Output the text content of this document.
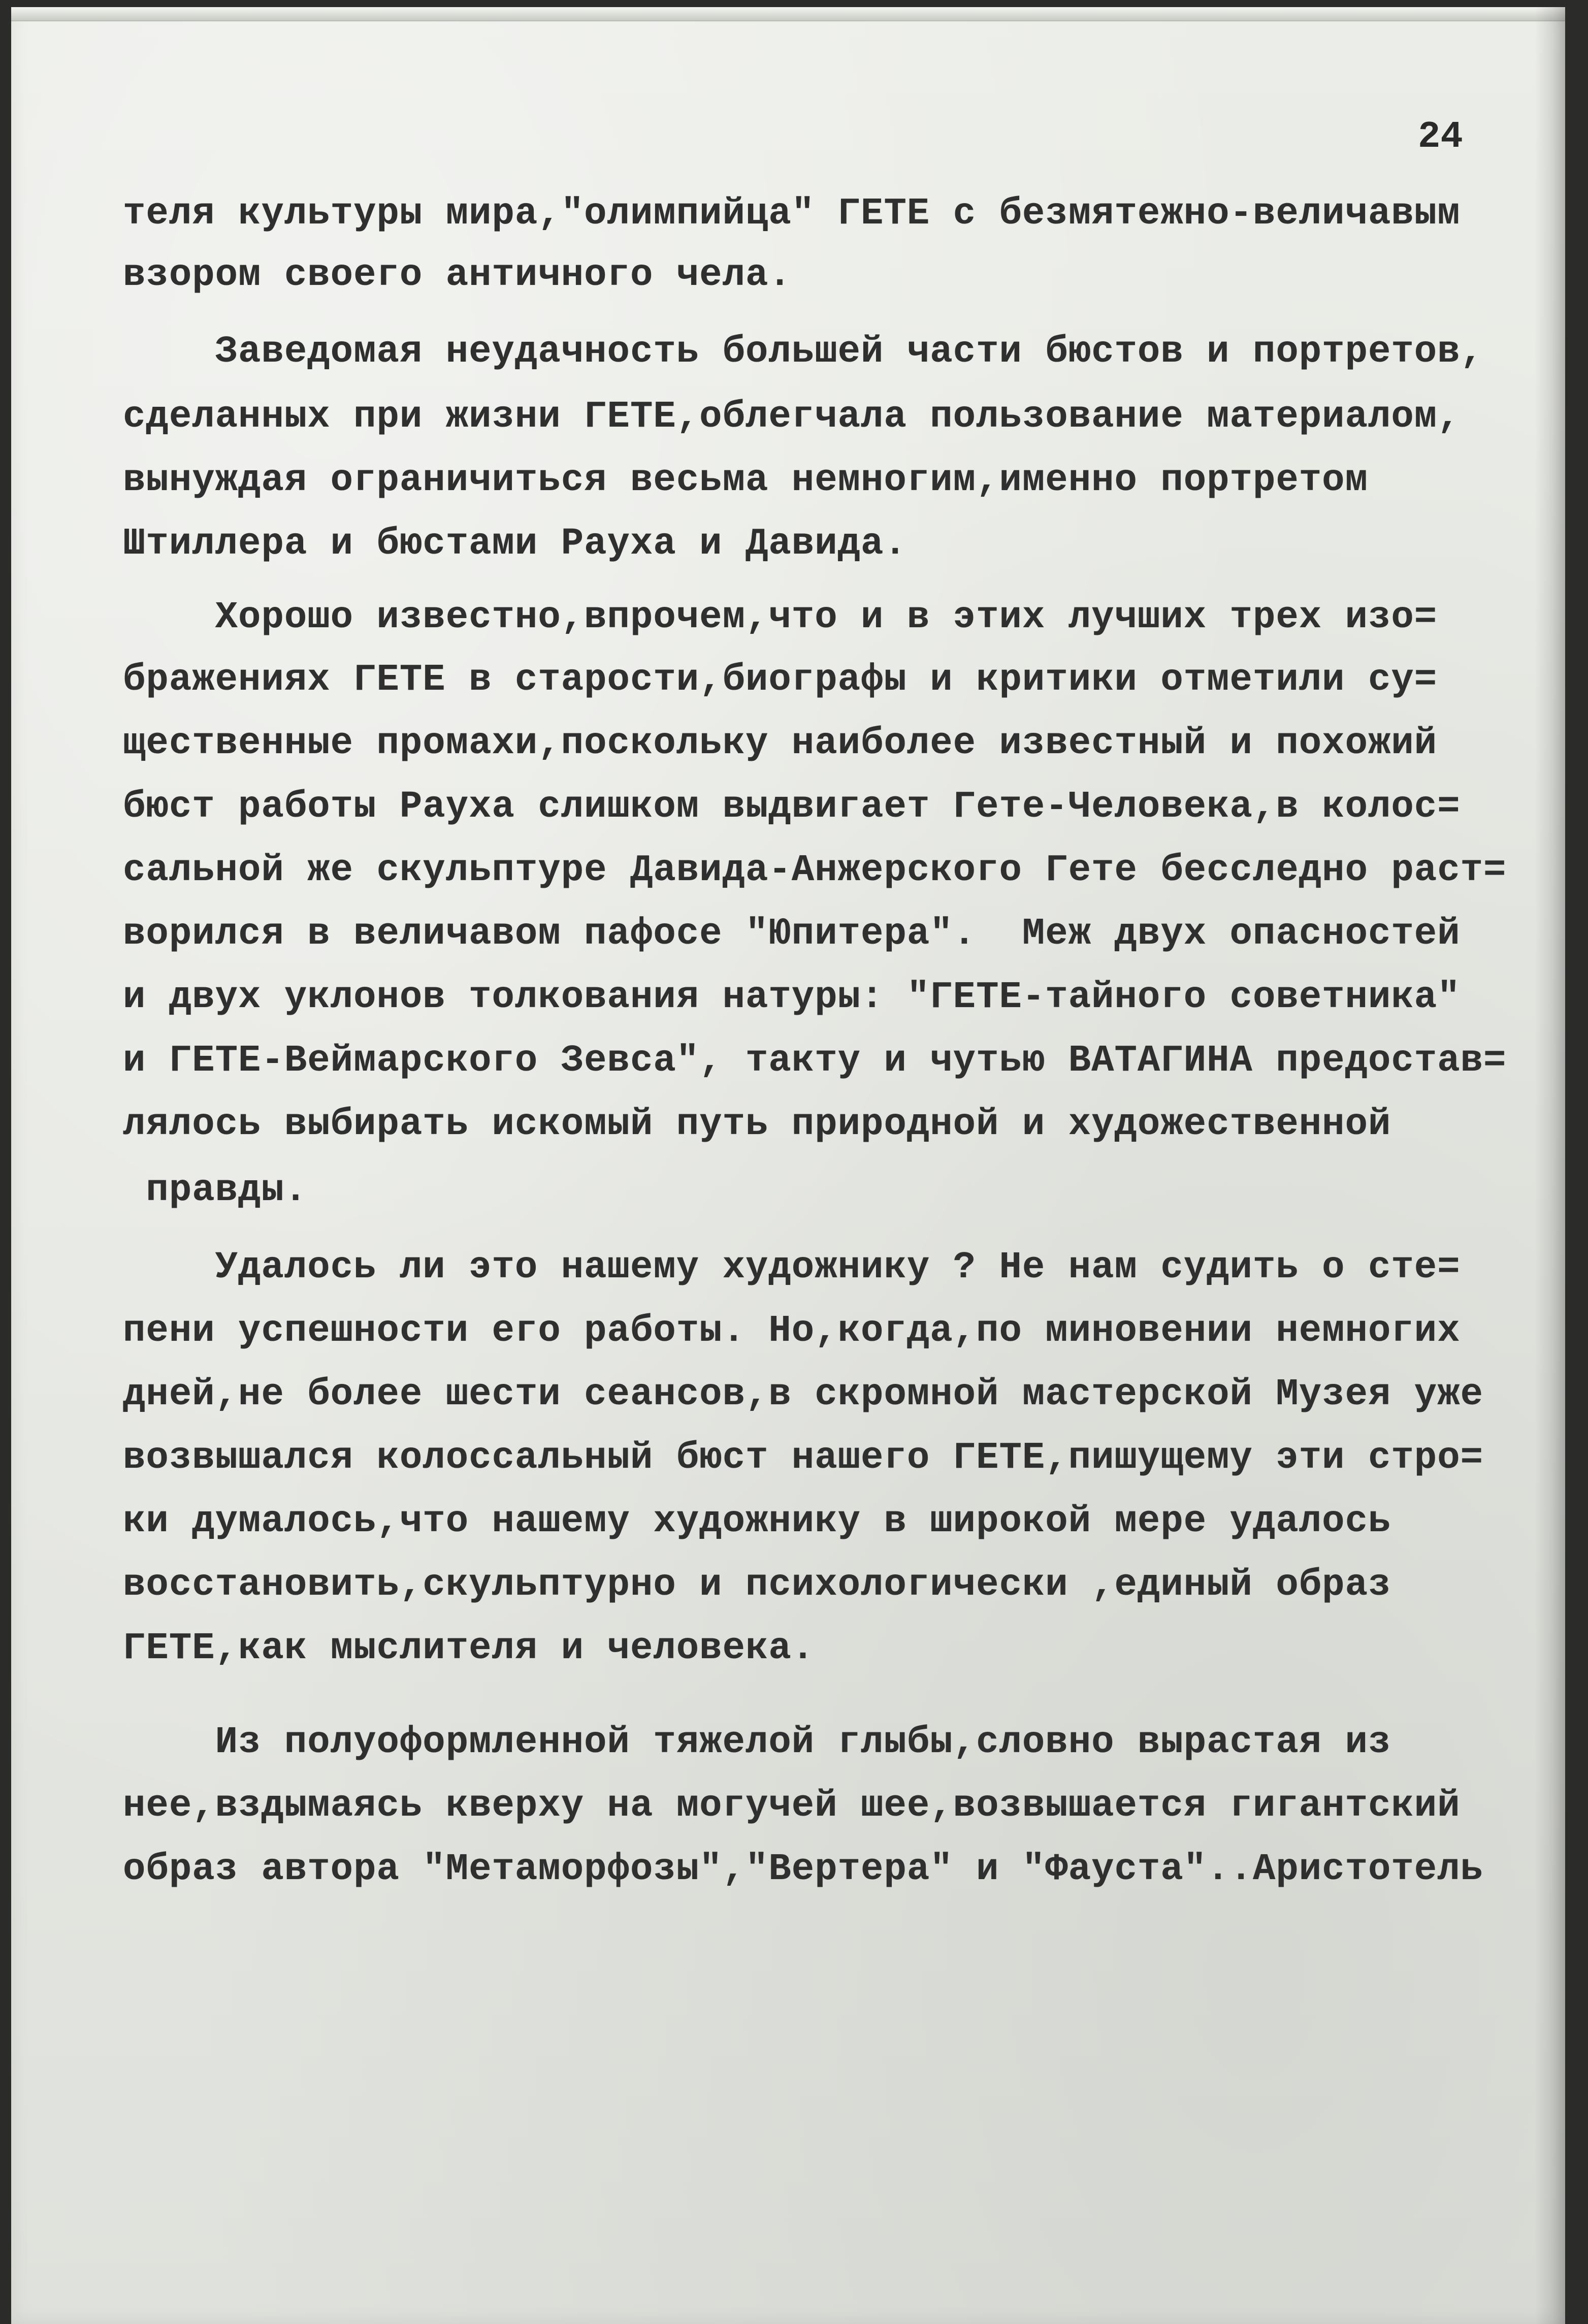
24
теля культуры мира,"олимпийца" ГЕТЕ с безмятежно-величавым
взором своего античного чела.
Заведомая неудачность большей части бюстов и портретов,
сделанных при жизни ГЕТЕ,облегчала пользование материалом,
вынуждая ограничиться весьма немногим,именно портретом
Штиллера и бюстами Рауха и Давида.
Хорошо известно,впрочем,что и в этих лучших трех изо=
бражениях ГЕТЕ в старости,биографы и критики отметили су=
щественные промахи,поскольку наиболее известный и похожий
бюст работы Рауха слишком выдвигает Гете-Человека,в колос=
сальной же скульптуре Давида-Анжерского Гете бесследно раст=
ворился в величавом пафосе "Юпитера".  Меж двух опасностей
и двух уклонов толкования натуры: "ГЕТЕ-тайного советника"
и ГЕТЕ-Веймарского Зевса", такту и чутью ВАТАГИНА предостав=
лялось выбирать искомый путь природной и художественной
правды.
Удалось ли это нашему художнику ? Не нам судить о сте=
пени успешности его работы. Но,когда,по миновении немногих
дней,не более шести сеансов,в скромной мастерской Музея уже
возвышался колоссальный бюст нашего ГЕТЕ,пишущему эти стро=
ки думалось,что нашему художнику в широкой мере удалось
восстановить,скульптурно и психологически ,единый образ
ГЕТЕ,как мыслителя и человека.
Из полуоформленной тяжелой глыбы,словно вырастая из
нее,вздымаясь кверху на могучей шее,возвышается гигантский
образ автора "Метаморфозы","Вертера" и "Фауста"..Аристотель
